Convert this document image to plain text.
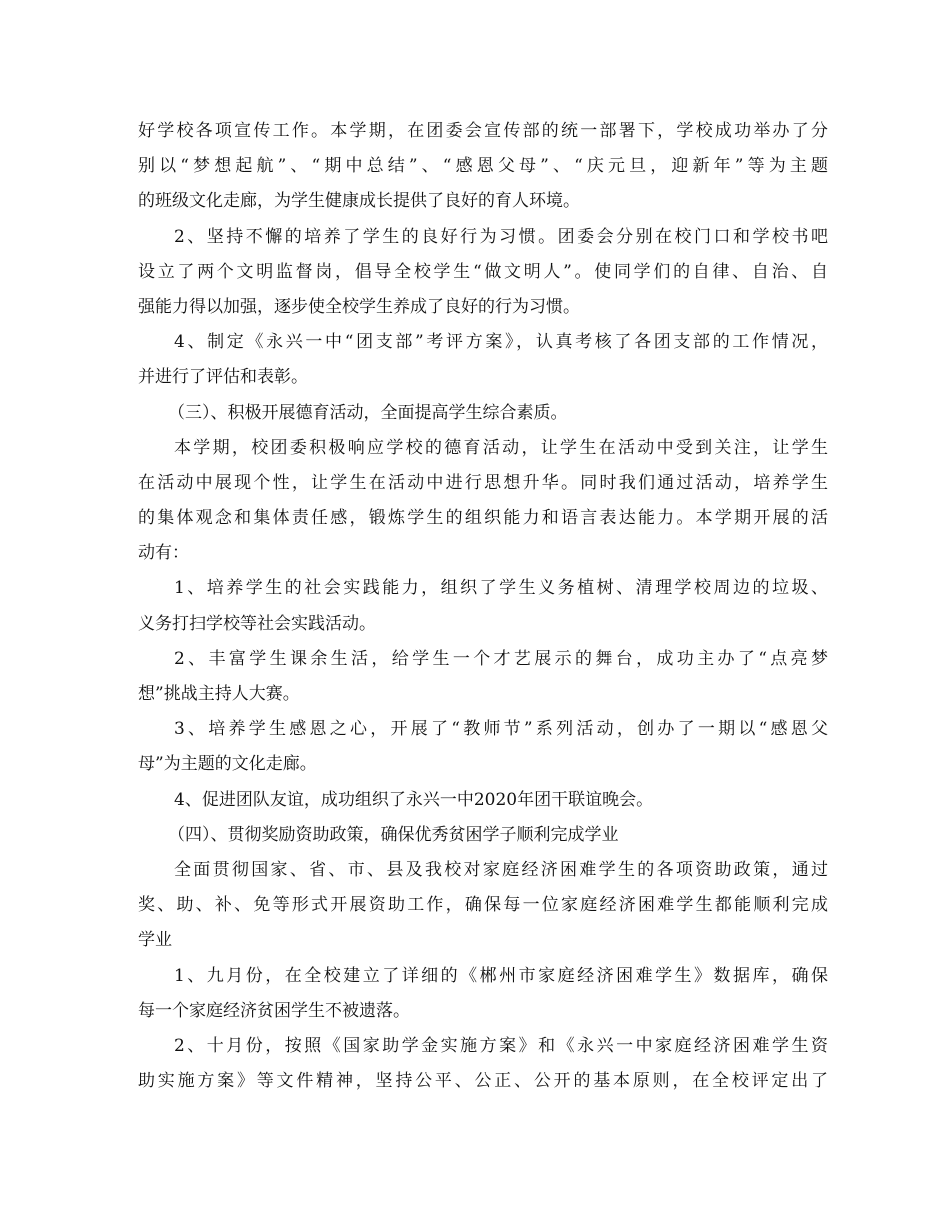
好学校各项宣传工作。本学期，在团委会宣传部的统一部署下，学校成功举办了分
别以“梦想起航”、“期中总结”、“感恩父母”、“庆元旦，迎新年”等为主题
的班级文化走廊，为学生健康成长提供了良好的育人环境。
2、坚持不懈的培养了学生的良好行为习惯。团委会分别在校门口和学校书吧
设立了两个文明监督岗，倡导全校学生“做文明人”。使同学们的自律、自治、自
强能力得以加强，逐步使全校学生养成了良好的行为习惯。
4、制定《永兴一中“团支部”考评方案》，认真考核了各团支部的工作情况，
并进行了评估和表彰。
（三）、积极开展德育活动，全面提高学生综合素质。
本学期，校团委积极响应学校的德育活动，让学生在活动中受到关注，让学生
在活动中展现个性，让学生在活动中进行思想升华。同时我们通过活动，培养学生
的集体观念和集体责任感，锻炼学生的组织能力和语言表达能力。本学期开展的活
动有：
1、培养学生的社会实践能力，组织了学生义务植树、清理学校周边的垃圾、
义务打扫学校等社会实践活动。
2、丰富学生课余生活，给学生一个才艺展示的舞台，成功主办了“点亮梦
想”挑战主持人大赛。
3、培养学生感恩之心，开展了“教师节”系列活动，创办了一期以“感恩父
母”为主题的文化走廊。
4、促进团队友谊，成功组织了永兴一中2020年团干联谊晚会。
（四）、贯彻奖励资助政策，确保优秀贫困学子顺利完成学业
全面贯彻国家、省、市、县及我校对家庭经济困难学生的各项资助政策，通过
奖、助、补、免等形式开展资助工作，确保每一位家庭经济困难学生都能顺利完成
学业
1、九月份，在全校建立了详细的《郴州市家庭经济困难学生》数据库，确保
每一个家庭经济贫困学生不被遗落。
2、十月份，按照《国家助学金实施方案》和《永兴一中家庭经济困难学生资
助实施方案》等文件精神，坚持公平、公正、公开的基本原则，在全校评定出了
